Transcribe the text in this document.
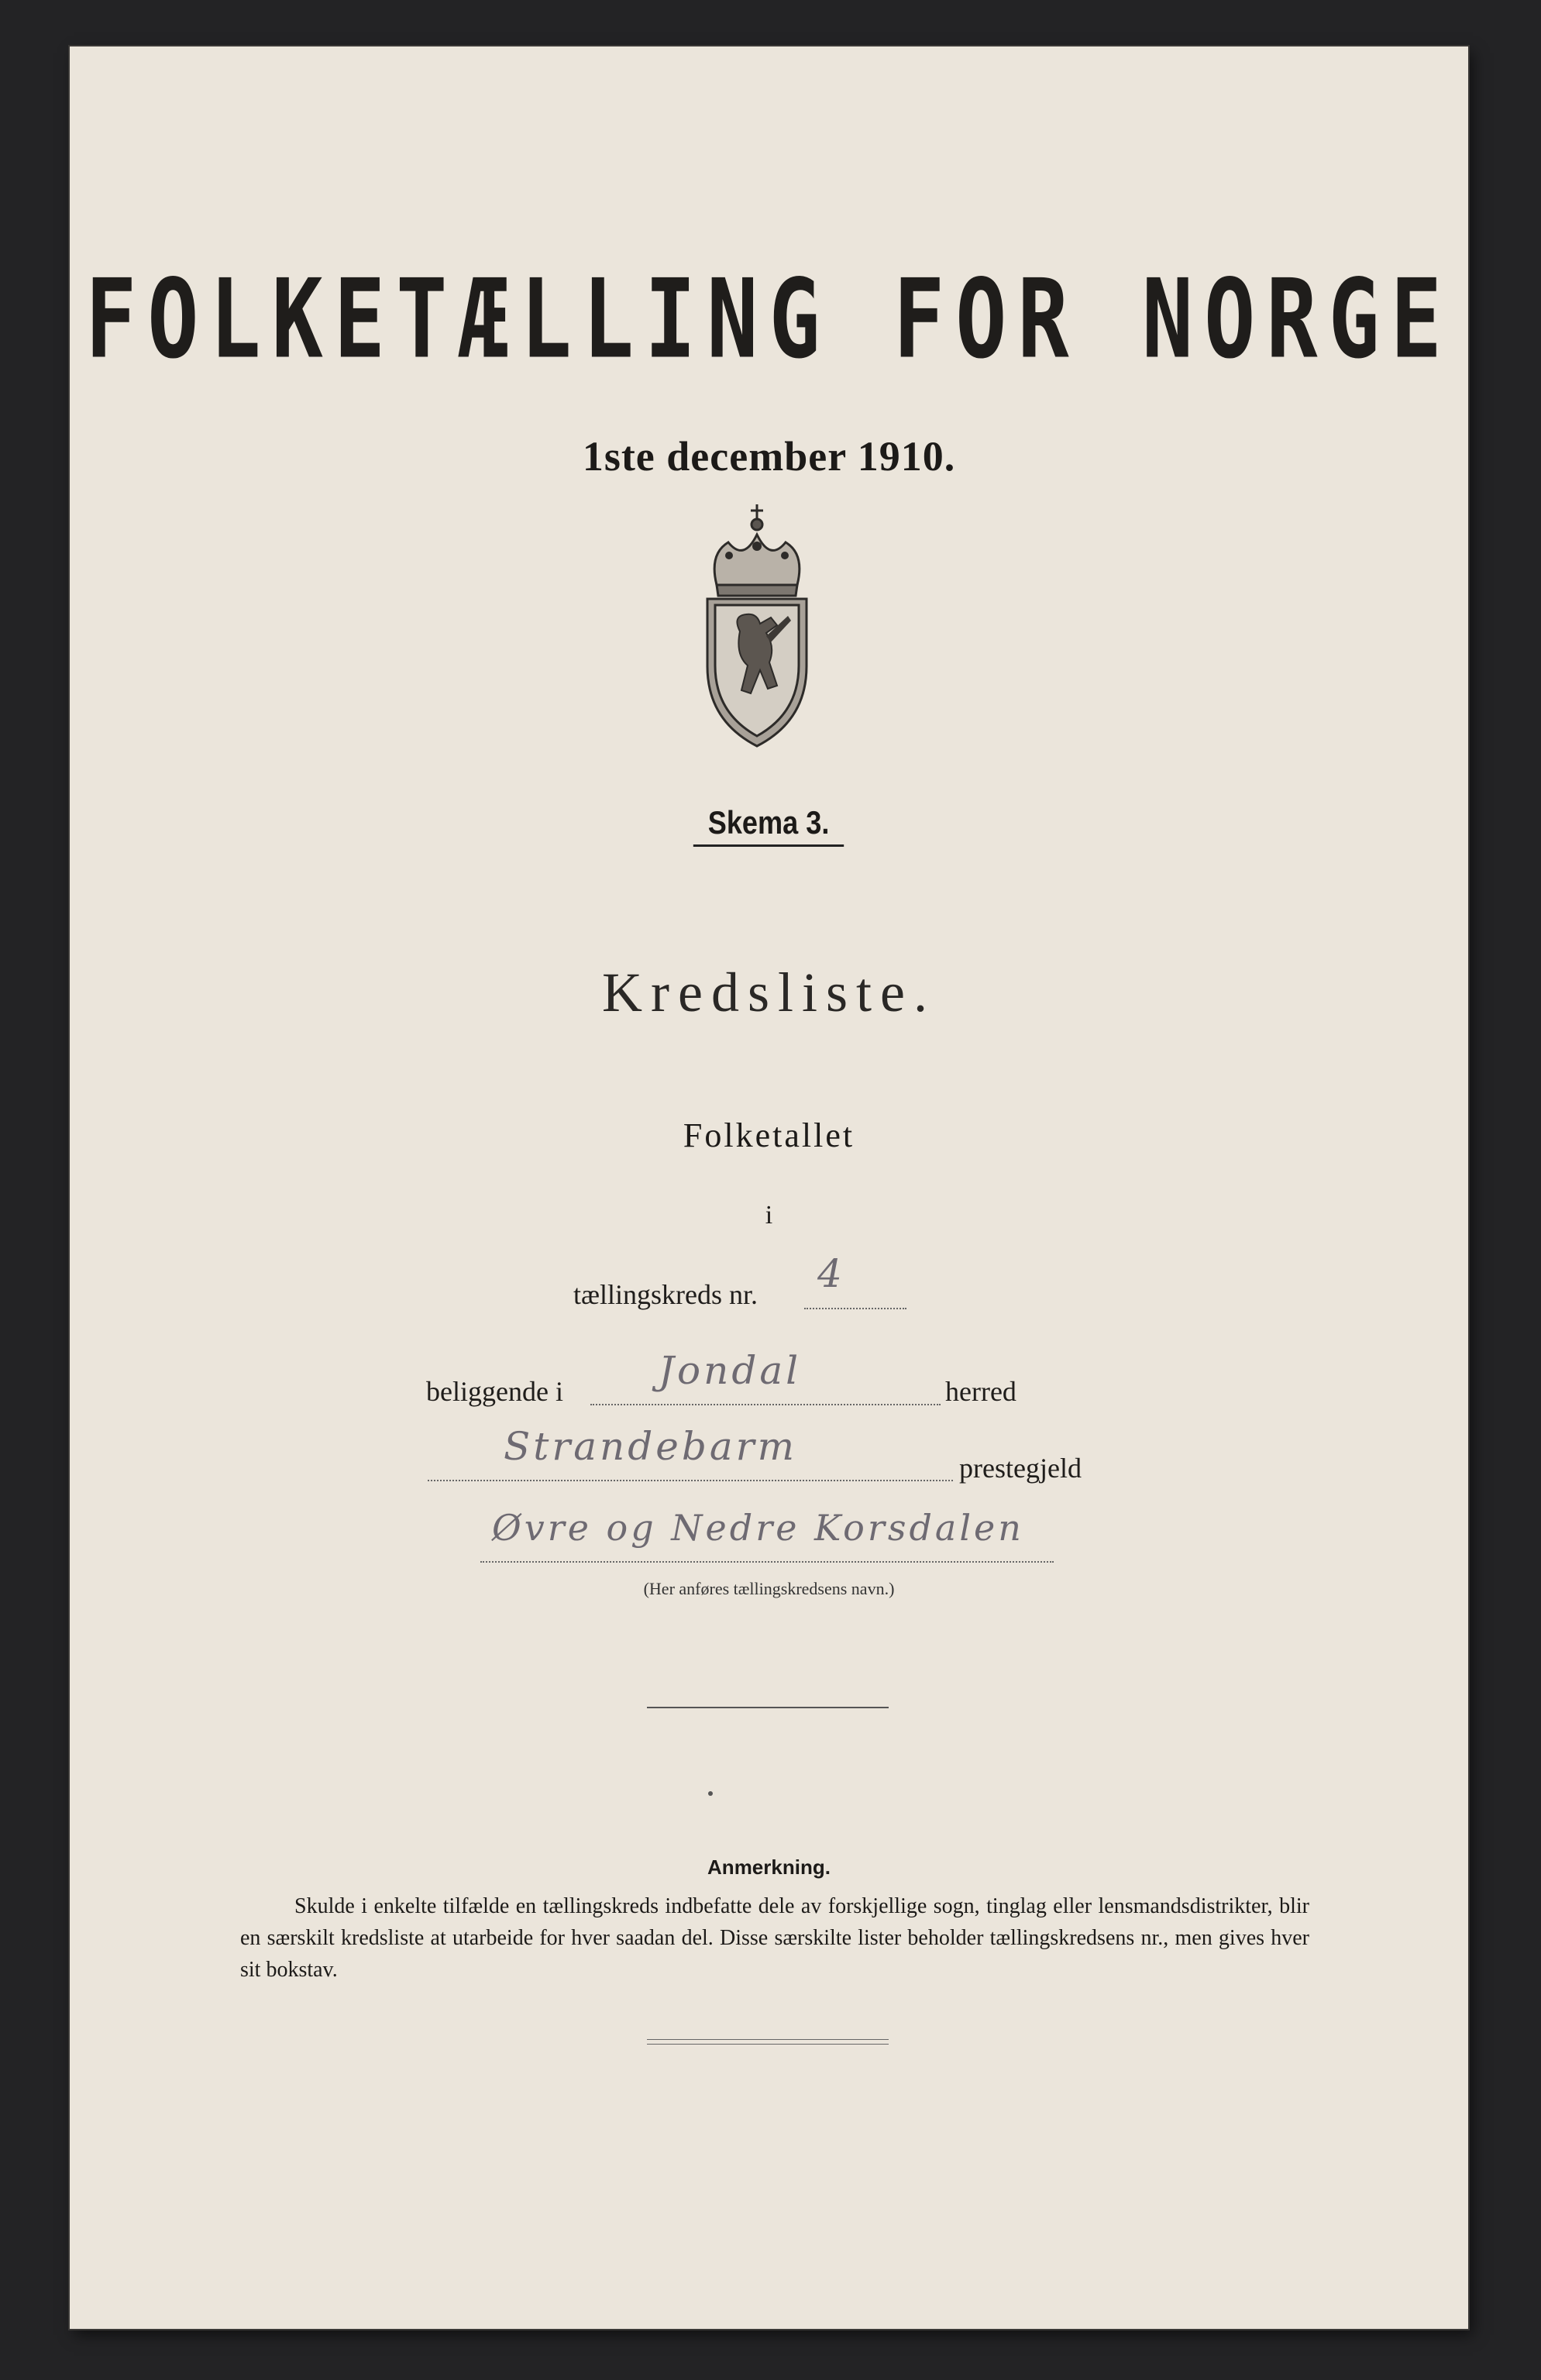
FOLKETÆLLING FOR NORGE
1ste december 1910.
Skema 3.
Kredsliste.
Folketallet
i
tællingskreds nr. 4
beliggende i Jondal	herred
Strandebarm	prestegjeld
Øvre og Nedre Korsdalen
(Her anføres tællingskredsens navn.)
Anmerkning.

Skulde i enkelte tilfælde en tællingskreds indbefatte dele av forskjellige sogn, tinglag eller lensmandsdistrikter, blir en særskilt kredsliste at utarbeide for hver saadan del. Disse særskilte lister beholder tællingskredsens nr., men gives hver sit bokstav.
